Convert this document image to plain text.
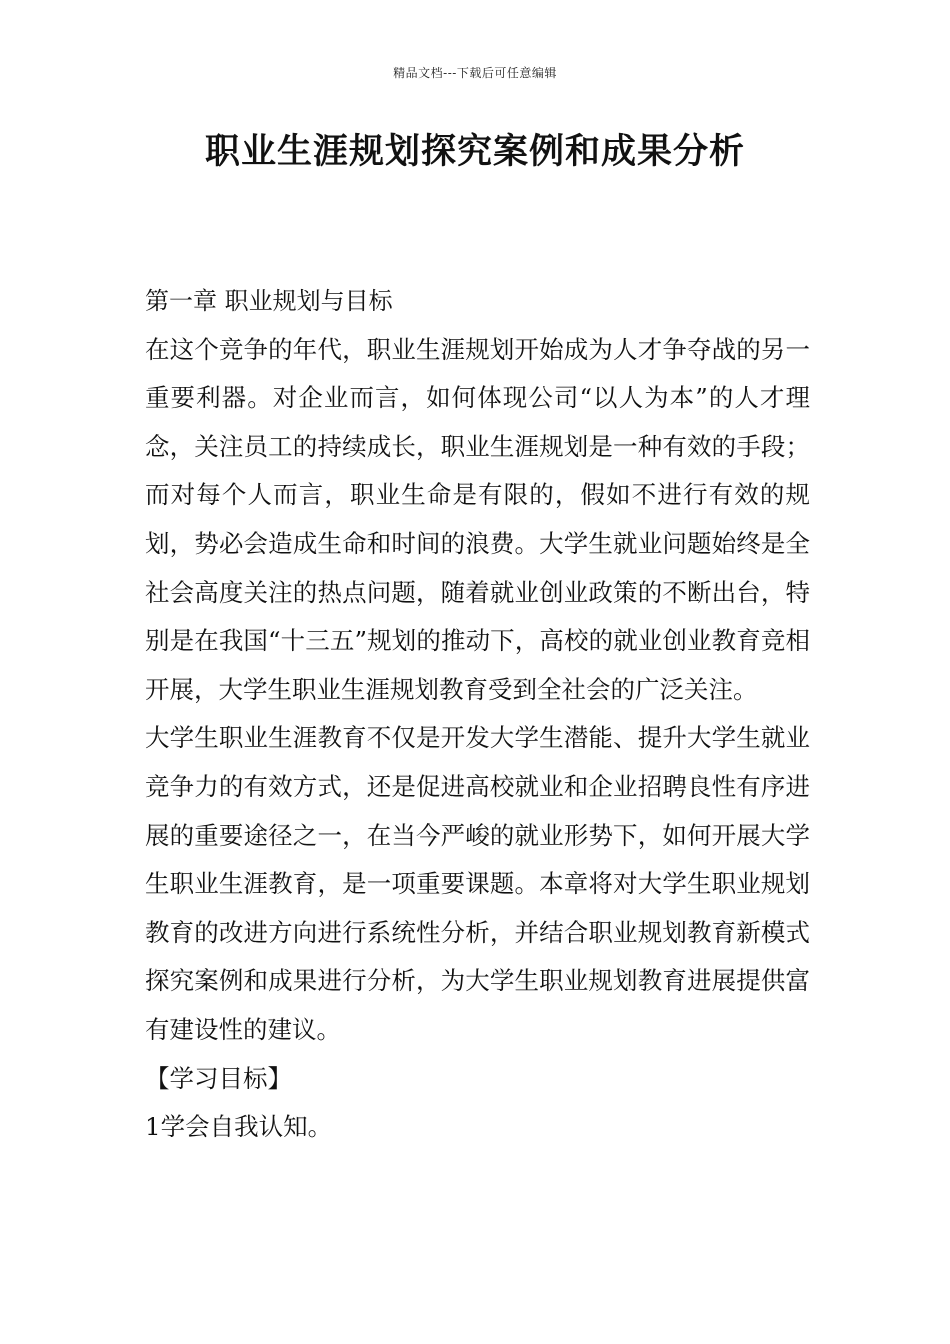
精品文档---下载后可任意编辑
职业生涯规划探究案例和成果分析

第一章 职业规划与目标

在这个竞争的年代，职业生涯规划开始成为人才争夺战的另一重要利器。对企业而言，如何体现公司“以人为本”的人才理念，关注员工的持续成长，职业生涯规划是一种有效的手段；而对每个人而言，职业生命是有限的，假如不进行有效的规划，势必会造成生命和时间的浪费。大学生就业问题始终是全社会高度关注的热点问题，随着就业创业政策的不断出台，特别是在我国“十三五”规划的推动下，高校的就业创业教育竞相开展，大学生职业生涯规划教育受到全社会的广泛关注。

大学生职业生涯教育不仅是开发大学生潜能、提升大学生就业竞争力的有效方式，还是促进高校就业和企业招聘良性有序进展的重要途径之一，在当今严峻的就业形势下，如何开展大学生职业生涯教育，是一项重要课题。本章将对大学生职业规划教育的改进方向进行系统性分析，并结合职业规划教育新模式探究案例和成果进行分析，为大学生职业规划教育进展提供富有建设性的建议。

【学习目标】

1学会自我认知。
